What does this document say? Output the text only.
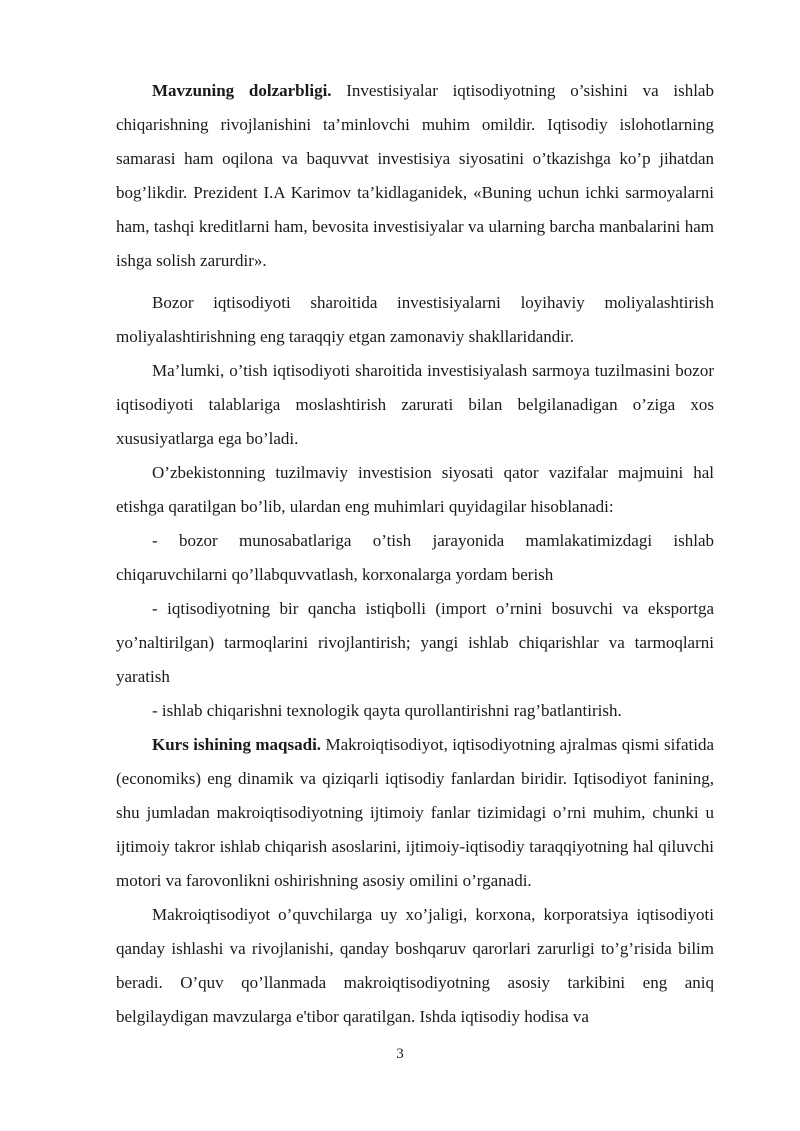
Mavzuning dolzarbligi. Investisiyalar iqtisodiyotning o’sishini va ishlab chiqarishning rivojlanishini ta’minlovchi muhim omildir. Iqtisodiy islohotlarning samarasi ham oqilona va baquvvat investisiya siyosatini o’tkazishga ko’p jihatdan bog’likdir. Prezident I.A Karimov ta’kidlaganidek, «Buning uchun ichki sarmoyalarni ham, tashqi kreditlarni ham, bevosita investisiyalar va ularning barcha manbalarini ham ishga solish zarurdir».

Bozor iqtisodiyoti sharoitida investisiyalarni loyihaviy moliyalashtirish moliyalashtirishning eng taraqqiy etgan zamonaviy shakllaridandir.

Ma’lumki, o’tish iqtisodiyoti sharoitida investisiyalash sarmoya tuzilmasini bozor iqtisodiyoti talablariga moslashtirish zarurati bilan belgilanadigan o’ziga xos xususiyatlarga ega bo’ladi.

O’zbekistonning tuzilmaviy investision siyosati qator vazifalar majmuini hal etishga qaratilgan bo’lib, ulardan eng muhimlari quyidagilar hisoblanadi:

- bozor munosabatlariga o’tish jarayonida mamlakatimizdagi ishlab chiqaruvchilarni qo’llabquvvatlash, korxonalarga yordam berish

- iqtisodiyotning bir qancha istiqbolli (import o’rnini bosuvchi va eksportga yo’naltirilgan) tarmoqlarini rivojlantirish; yangi ishlab chiqarishlar va tarmoqlarni yaratish

- ishlab chiqarishni texnologik qayta qurollantirishni rag’batlantirish.

Kurs ishining maqsadi. Makroiqtisodiyot, iqtisodiyotning ajralmas qismi sifatida (economiks) eng dinamik va qiziqarli iqtisodiy fanlardan biridir. Iqtisodiyot fanining, shu jumladan makroiqtisodiyotning ijtimoiy fanlar tizimidagi o’rni muhim, chunki u ijtimoiy takror ishlab chiqarish asoslarini, ijtimoiy-iqtisodiy taraqqiyotning hal qiluvchi motori va farovonlikni oshirishning asosiy omilini o’rganadi.

Makroiqtisodiyot o’quvchilarga uy xo’jaligi, korxona, korporatsiya iqtisodiyoti qanday ishlashi va rivojlanishi, qanday boshqaruv qarorlari zarurligi to’g’risida bilim beradi. O’quv qo’llanmada makroiqtisodiyotning asosiy tarkibini eng aniq belgilaydigan mavzularga e'tibor qaratilgan. Ishda iqtisodiy hodisa va

3
